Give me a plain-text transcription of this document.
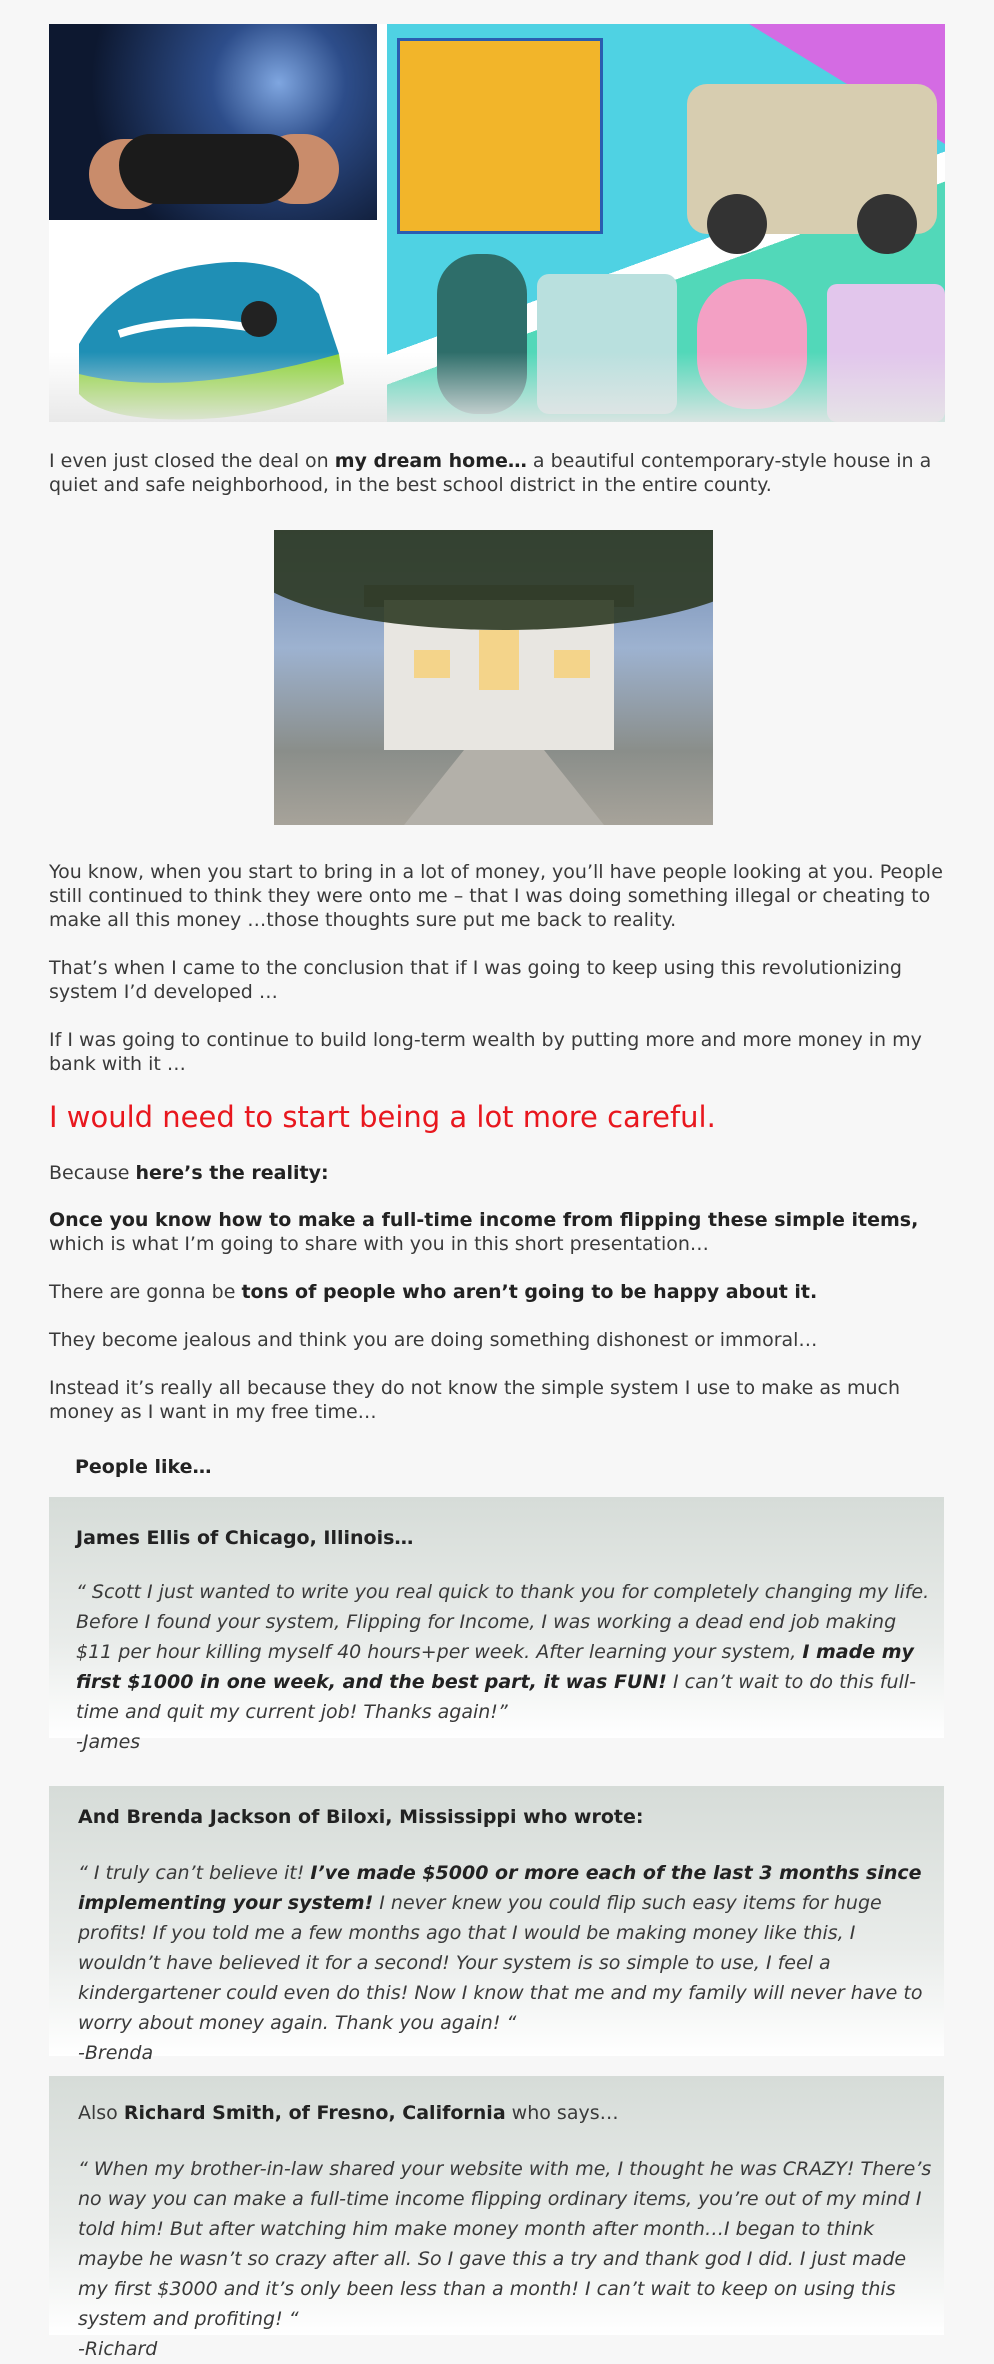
I even just closed the deal on my dream home… a beautiful contemporary-style house in a quiet and safe neighborhood, in the best school district in the entire county.

You know, when you start to bring in a lot of money, you’ll have people looking at you. People still continued to think they were onto me – that I was doing something illegal or cheating to make all this money …those thoughts sure put me back to reality.

That’s when I came to the conclusion that if I was going to keep using this revolutionizing system I’d developed …

If I was going to continue to build long-term wealth by putting more and more money in my bank with it …

I would need to start being a lot more careful.

Because here’s the reality:

Once you know how to make a full-time income from flipping these simple items, which is what I’m going to share with you in this short presentation…

There are gonna be tons of people who aren’t going to be happy about it.

They become jealous and think you are doing something dishonest or immoral…

Instead it’s really all because they do not know the simple system I use to make as much money as I want in my free time…

People like…
James Ellis of Chicago, Illinois…

“ Scott I just wanted to write you real quick to thank you for completely changing my life. Before I found your system, Flipping for Income, I was working a dead end job making $11 per hour killing myself 40 hours+per week. After learning your system, I made my first $1000 in one week, and the best part, it was FUN! I can’t wait to do this full-time and quit my current job! Thanks again!”
-James

And Brenda Jackson of Biloxi, Mississippi who wrote:

“ I truly can’t believe it! I’ve made $5000 or more each of the last 3 months since implementing your system! I never knew you could flip such easy items for huge profits! If you told me a few months ago that I would be making money like this, I wouldn’t have believed it for a second! Your system is so simple to use, I feel a kindergartener could even do this! Now I know that me and my family will never have to worry about money again. Thank you again! “
-Brenda

Also Richard Smith, of Fresno, California who says…

“ When my brother-in-law shared your website with me, I thought he was CRAZY! There’s no way you can make a full-time income flipping ordinary items, you’re out of my mind I told him! But after watching him make money month after month…I began to think maybe he wasn’t so crazy after all. So I gave this a try and thank god I did. I just made my first $3000 and it’s only been less than a month! I can’t wait to keep on using this system and profiting! “
-Richard
